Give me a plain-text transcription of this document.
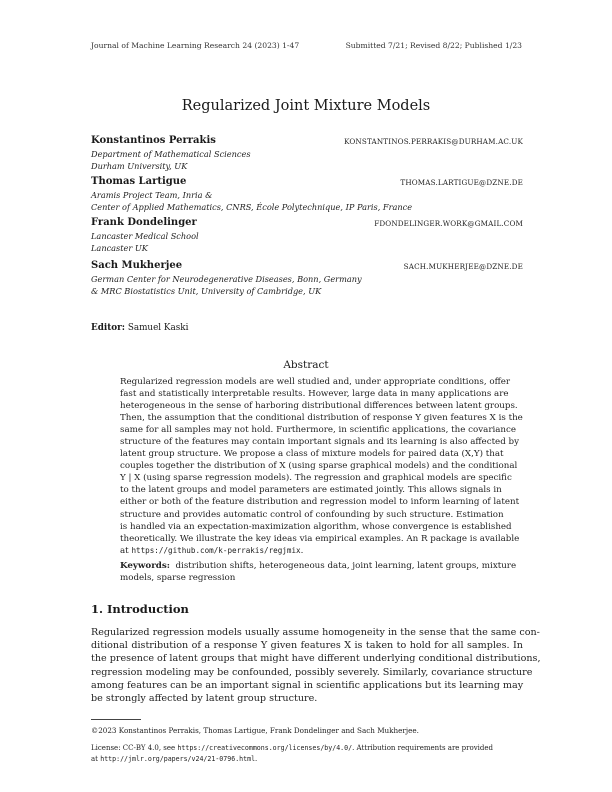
Journal of Machine Learning Research 24 (2023) 1-47	Submitted 7/21; Revised 8/22; Published 1/23
Regularized Joint Mixture Models
Konstantinos Perrakis	KONSTANTINOS.PERRAKIS@DURHAM.AC.UK
Department of Mathematical Sciences
Durham University, UK
Thomas Lartigue	THOMAS.LARTIGUE@DZNE.DE
Aramis Project Team, Inria &
Center of Applied Mathematics, CNRS, École Polytechnique, IP Paris, France
Frank Dondelinger	FDONDELINGER.WORK@GMAIL.COM
Lancaster Medical School
Lancaster UK
Sach Mukherjee	SACH.MUKHERJEE@DZNE.DE
German Center for Neurodegenerative Diseases, Bonn, Germany
& MRC Biostatistics Unit, University of Cambridge, UK
Editor: Samuel Kaski
Abstract
Regularized regression models are well studied and, under appropriate conditions, offer
fast and statistically interpretable results. However, large data in many applications are
heterogeneous in the sense of harboring distributional differences between latent groups.
Then, the assumption that the conditional distribution of response Y given features X is the
same for all samples may not hold. Furthermore, in scientific applications, the covariance
structure of the features may contain important signals and its learning is also affected by
latent group structure. We propose a class of mixture models for paired data (X,Y) that
couples together the distribution of X (using sparse graphical models) and the conditional
Y | X (using sparse regression models). The regression and graphical models are specific
to the latent groups and model parameters are estimated jointly. This allows signals in
either or both of the feature distribution and regression model to inform learning of latent
structure and provides automatic control of confounding by such structure. Estimation
is handled via an expectation-maximization algorithm, whose convergence is established
theoretically. We illustrate the key ideas via empirical examples. An R package is available
at https://github.com/k-perrakis/regjmix.
Keywords: distribution shifts, heterogeneous data, joint learning, latent groups, mixture
models, sparse regression
1. Introduction
Regularized regression models usually assume homogeneity in the sense that the same con-
ditional distribution of a response Y given features X is taken to hold for all samples. In
the presence of latent groups that might have different underlying conditional distributions,
regression modeling may be confounded, possibly severely. Similarly, covariance structure
among features can be an important signal in scientific applications but its learning may
be strongly affected by latent group structure.
©2023 Konstantinos Perrakis, Thomas Lartigue, Frank Dondelinger and Sach Mukherjee.
License: CC-BY 4.0, see https://creativecommons.org/licenses/by/4.0/. Attribution requirements are provided
at http://jmlr.org/papers/v24/21-0796.html.
